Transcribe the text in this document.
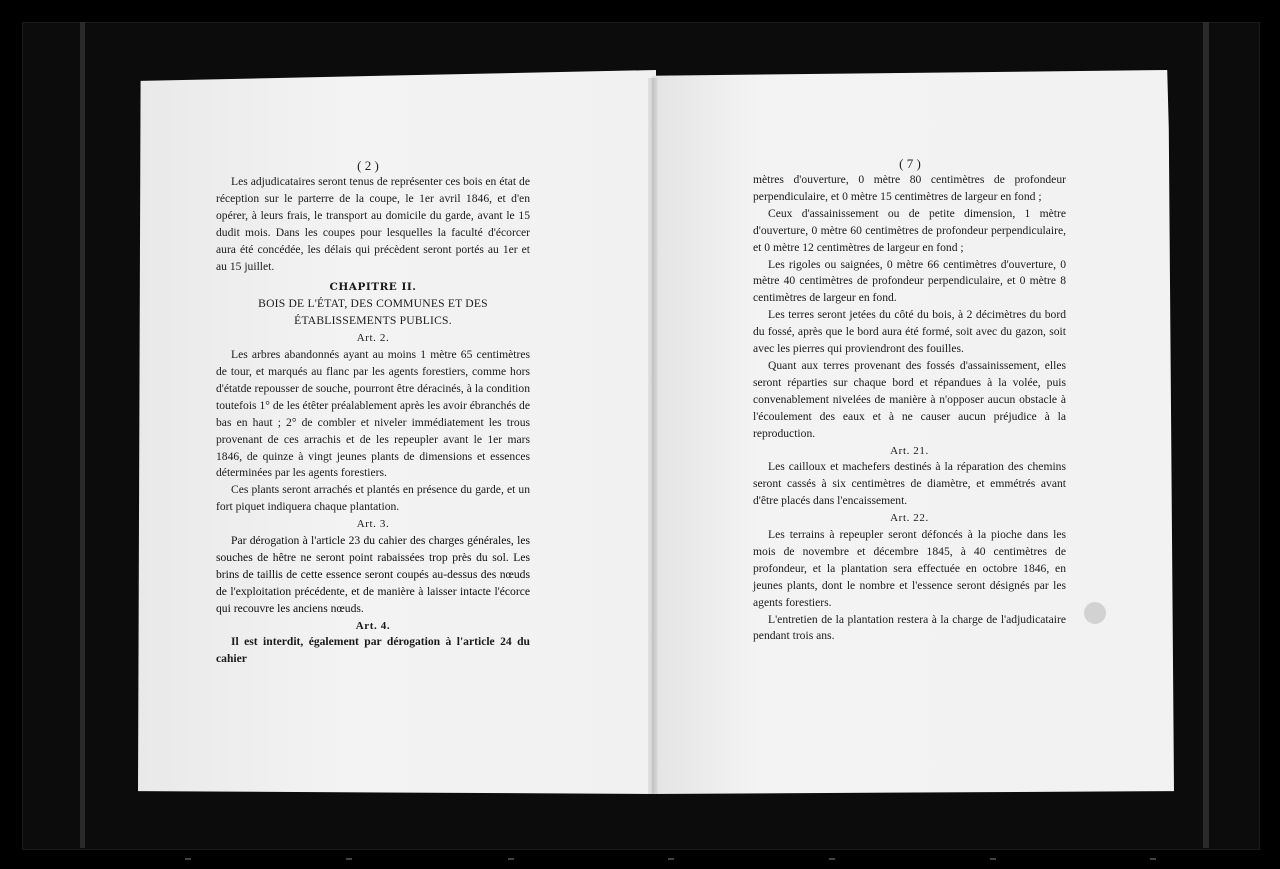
( 2 )

Les adjudicataires seront tenus de représenter ces bois en état de réception sur le parterre de la coupe, le 1er avril 1846, et d'en opérer, à leurs frais, le transport au domicile du garde, avant le 15 dudit mois. Dans les coupes pour lesquelles la faculté d'écorcer aura été concédée, les délais qui précèdent seront portés au 1er et au 15 juillet.

CHAPITRE II.
BOIS DE L'ÉTAT, DES COMMUNES ET DES
ÉTABLISSEMENTS PUBLICS.
Art. 2.

Les arbres abandonnés ayant au moins 1 mètre 65 centimètres de tour, et marqués au flanc par les agents forestiers, comme hors d'étatde repousser de souche, pourront être déracinés, à la condition toutefois 1° de les étêter préalablement après les avoir ébranchés de bas en haut ; 2° de combler et niveler immédiatement les trous provenant de ces arrachis et de les repeupler avant le 1er mars 1846, de quinze à vingt jeunes plants de dimensions et essences déterminées par les agents forestiers.

Ces plants seront arrachés et plantés en présence du garde, et un fort piquet indiquera chaque plantation.

Art. 3.

Par dérogation à l'article 23 du cahier des charges générales, les souches de hêtre ne seront point rabaissées trop près du sol. Les brins de taillis de cette essence seront coupés au-dessus des nœuds de l'exploitation précédente, et de manière à laisser intacte l'écorce qui recouvre les anciens nœuds.

Art. 4.

Il est interdit, également par dérogation à l'article 24 du cahier

( 7 )

mètres d'ouverture, 0 mètre 80 centimètres de profondeur perpendiculaire, et 0 mètre 15 centimètres de largeur en fond ;

Ceux d'assainissement ou de petite dimension, 1 mètre d'ouverture, 0 mètre 60 centimètres de profondeur perpendiculaire, et 0 mètre 12 centimètres de largeur en fond ;

Les rigoles ou saignées, 0 mètre 66 centimètres d'ouverture, 0 mètre 40 centimètres de profondeur perpendiculaire, et 0 mètre 8 centimètres de largeur en fond.

Les terres seront jetées du côté du bois, à 2 décimètres du bord du fossé, après que le bord aura été formé, soit avec du gazon, soit avec les pierres qui proviendront des fouilles.

Quant aux terres provenant des fossés d'assainissement, elles seront réparties sur chaque bord et répandues à la volée, puis convenablement nivelées de manière à n'opposer aucun obstacle à l'écoulement des eaux et à ne causer aucun préjudice à la reproduction.

Art. 21.

Les cailloux et machefers destinés à la réparation des chemins seront cassés à six centimètres de diamètre, et emmétrés avant d'être placés dans l'encaissement.

Art. 22.

Les terrains à repeupler seront défoncés à la pioche dans les mois de novembre et décembre 1845, à 40 centimètres de profondeur, et la plantation sera effectuée en octobre 1846, en jeunes plants, dont le nombre et l'essence seront désignés par les agents forestiers.

L'entretien de la plantation restera à la charge de l'adjudicataire pendant trois ans.
